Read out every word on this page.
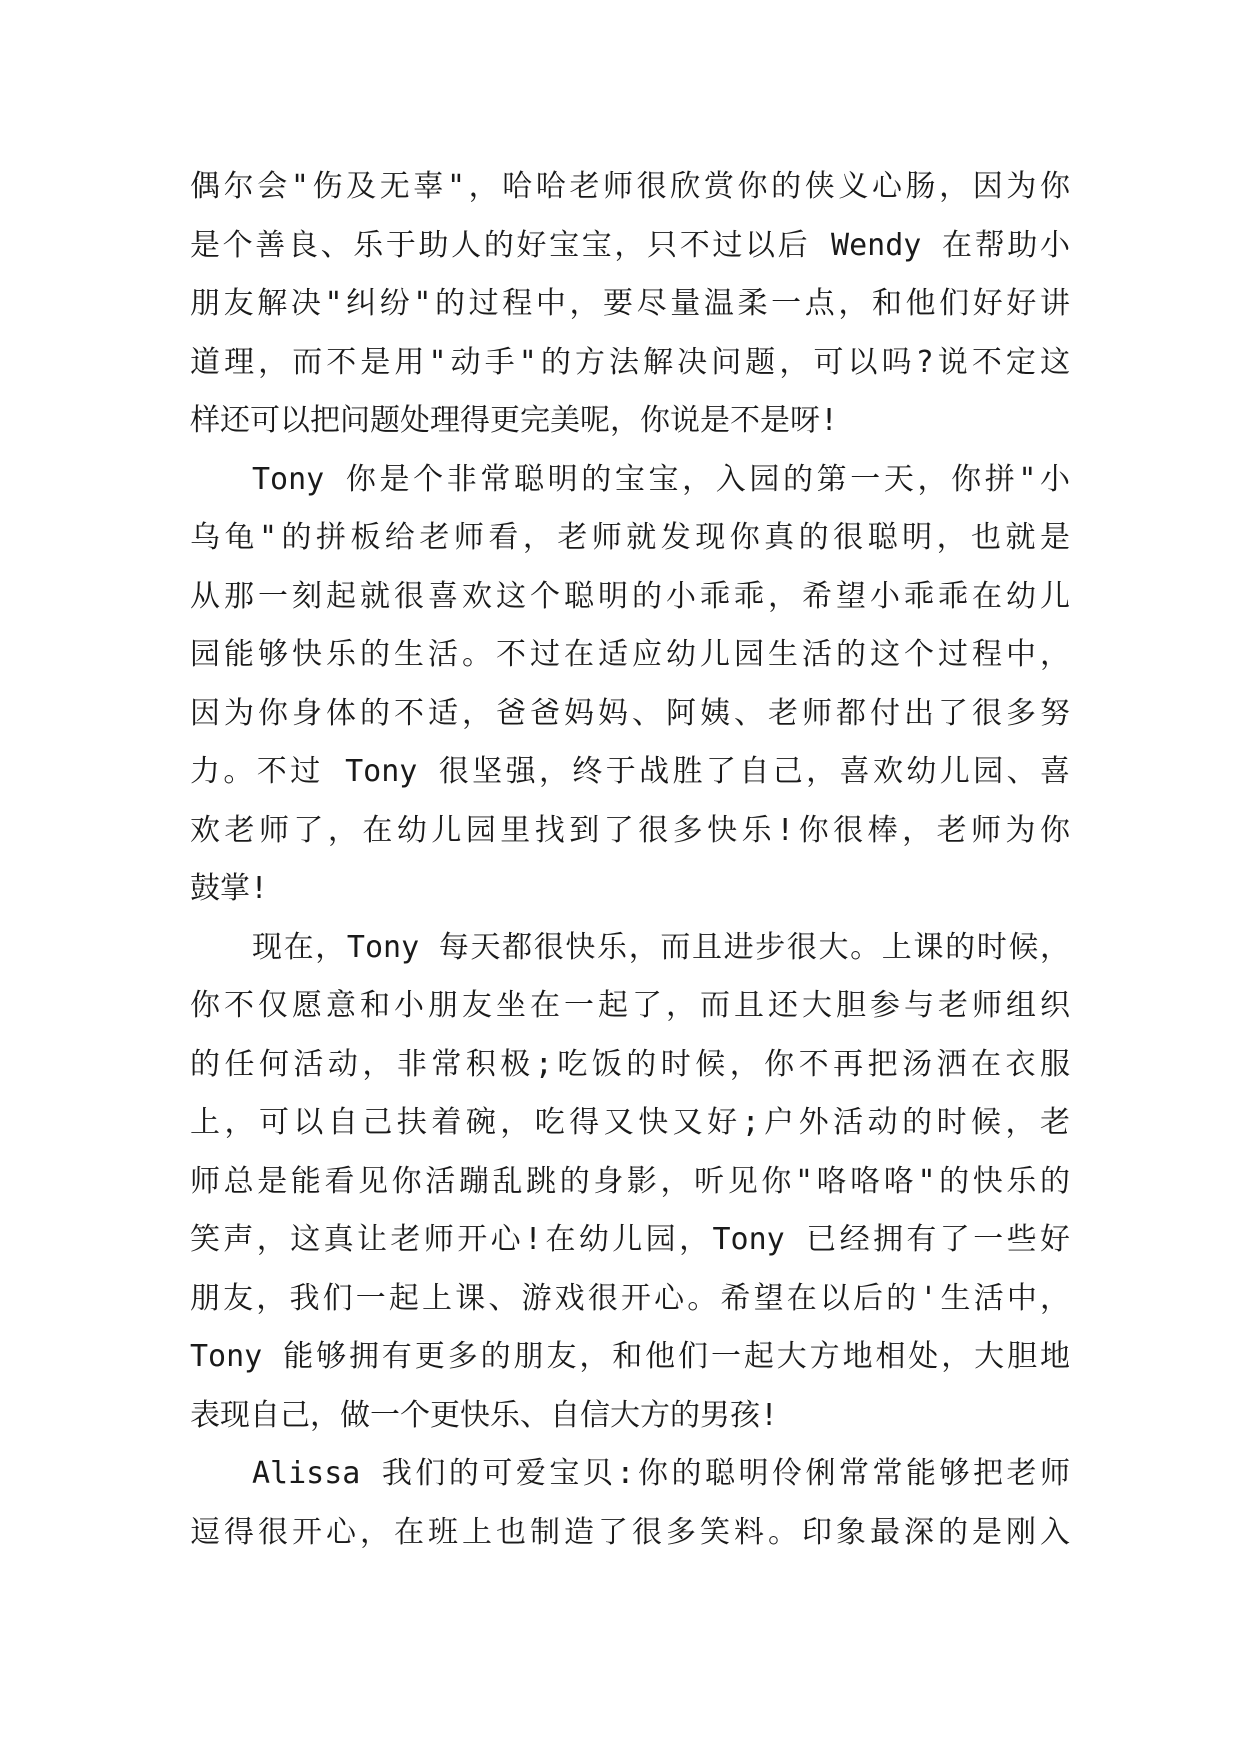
偶尔会"伤及无辜"，哈哈老师很欣赏你的侠义心肠，因为你
是个善良、乐于助人的好宝宝，只不过以后 Wendy 在帮助小
朋友解决"纠纷"的过程中，要尽量温柔一点，和他们好好讲
道理，而不是用"动手"的方法解决问题，可以吗?说不定这
样还可以把问题处理得更完美呢，你说是不是呀!
Tony 你是个非常聪明的宝宝，入园的第一天，你拼"小
乌龟"的拼板给老师看，老师就发现你真的很聪明，也就是
从那一刻起就很喜欢这个聪明的小乖乖，希望小乖乖在幼儿
园能够快乐的生活。不过在适应幼儿园生活的这个过程中，
因为你身体的不适，爸爸妈妈、阿姨、老师都付出了很多努
力。不过 Tony 很坚强，终于战胜了自己，喜欢幼儿园、喜
欢老师了，在幼儿园里找到了很多快乐!你很棒，老师为你
鼓掌!
现在，Tony 每天都很快乐，而且进步很大。上课的时候，
你不仅愿意和小朋友坐在一起了，而且还大胆参与老师组织
的任何活动，非常积极;吃饭的时候，你不再把汤洒在衣服
上，可以自己扶着碗，吃得又快又好;户外活动的时候，老
师总是能看见你活蹦乱跳的身影，听见你"咯咯咯"的快乐的
笑声，这真让老师开心!在幼儿园，Tony 已经拥有了一些好
朋友，我们一起上课、游戏很开心。希望在以后的'生活中，
Tony 能够拥有更多的朋友，和他们一起大方地相处，大胆地
表现自己，做一个更快乐、自信大方的男孩!
Alissa 我们的可爱宝贝:你的聪明伶俐常常能够把老师
逗得很开心，在班上也制造了很多笑料。印象最深的是刚入
